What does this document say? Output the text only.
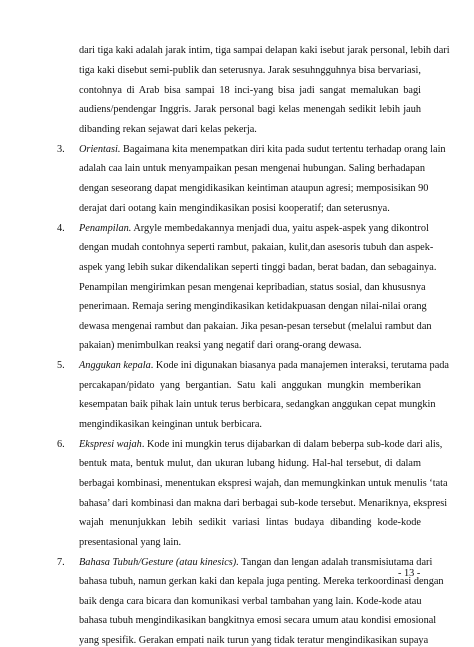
dari tiga kaki adalah jarak intim, tiga sampai delapan kaki isebut jarak personal, lebih dari
tiga kaki disebut semi-publik dan seterusnya. Jarak sesuhngguhnya bisa bervariasi,
contohnya di Arab bisa sampai 18 inci-yang bisa jadi sangat memalukan bagi
audiens/pendengar Inggris. Jarak personal bagi kelas menengah sedikit lebih jauh
dibanding rekan sejawat dari kelas pekerja.
3. Orientasi. Bagaimana kita menempatkan diri kita pada sudut tertentu terhadap orang lain
adalah caa lain untuk menyampaikan pesan mengenai hubungan. Saling berhadapan
dengan seseorang dapat mengidikasikan keintiman ataupun agresi; memposisikan 90
derajat dari ootang kain mengindikasikan posisi kooperatif; dan seterusnya.
4. Penampilan. Argyle membedakannya menjadi dua, yaitu aspek-aspek yang dikontrol
dengan mudah contohnya seperti rambut, pakaian, kulit,dan asesoris tubuh dan aspek-
aspek yang lebih sukar dikendalikan seperti tinggi badan, berat badan, dan sebagainya.
Penampilan mengirimkan pesan mengenai kepribadian, status sosial, dan khususnya
penerimaan. Remaja sering mengindikasikan ketidakpuasan dengan nilai-nilai orang
dewasa mengenai rambut dan pakaian. Jika pesan-pesan tersebut (melalui rambut dan
pakaian) menimbulkan reaksi yang negatif dari orang-orang dewasa.
5. Anggukan kepala. Kode ini digunakan biasanya pada manajemen interaksi, terutama pada
percakapan/pidato yang bergantian. Satu kali anggukan mungkin memberikan
kesempatan baik pihak lain untuk terus berbicara, sedangkan anggukan cepat mungkin
mengindikasikan keinginan untuk berbicara.
6. Ekspresi wajah. Kode ini mungkin terus dijabarkan di dalam beberpa sub-kode dari alis,
bentuk mata, bentuk mulut, dan ukuran lubang hidung. Hal-hal tersebut, di dalam
berbagai kombinasi, menentukan ekspresi wajah, dan memungkinkan untuk menulis ‘tata
bahasa’ dari kombinasi dan makna dari berbagai sub-kode tersebut. Menariknya, ekspresi
wajah menunjukkan lebih sedikit variasi lintas budaya dibanding kode-kode
presentasional yang lain.
7. Bahasa Tubuh/Gesture (atau kinesics). Tangan dan lengan adalah transmisiutama dari
bahasa tubuh, namun gerkan kaki dan kepala juga penting. Mereka terkoordinasi dengan
baik denga cara bicara dan komunikasi verbal tambahan yang lain. Kode-kode atau
bahasa tubuh mengindikasikan bangkitnya emosi secara umum atau kondisi emosional
yang spesifik. Gerakan empati naik turun yang tidak teratur mengindikasikan supaya
- 13 -
